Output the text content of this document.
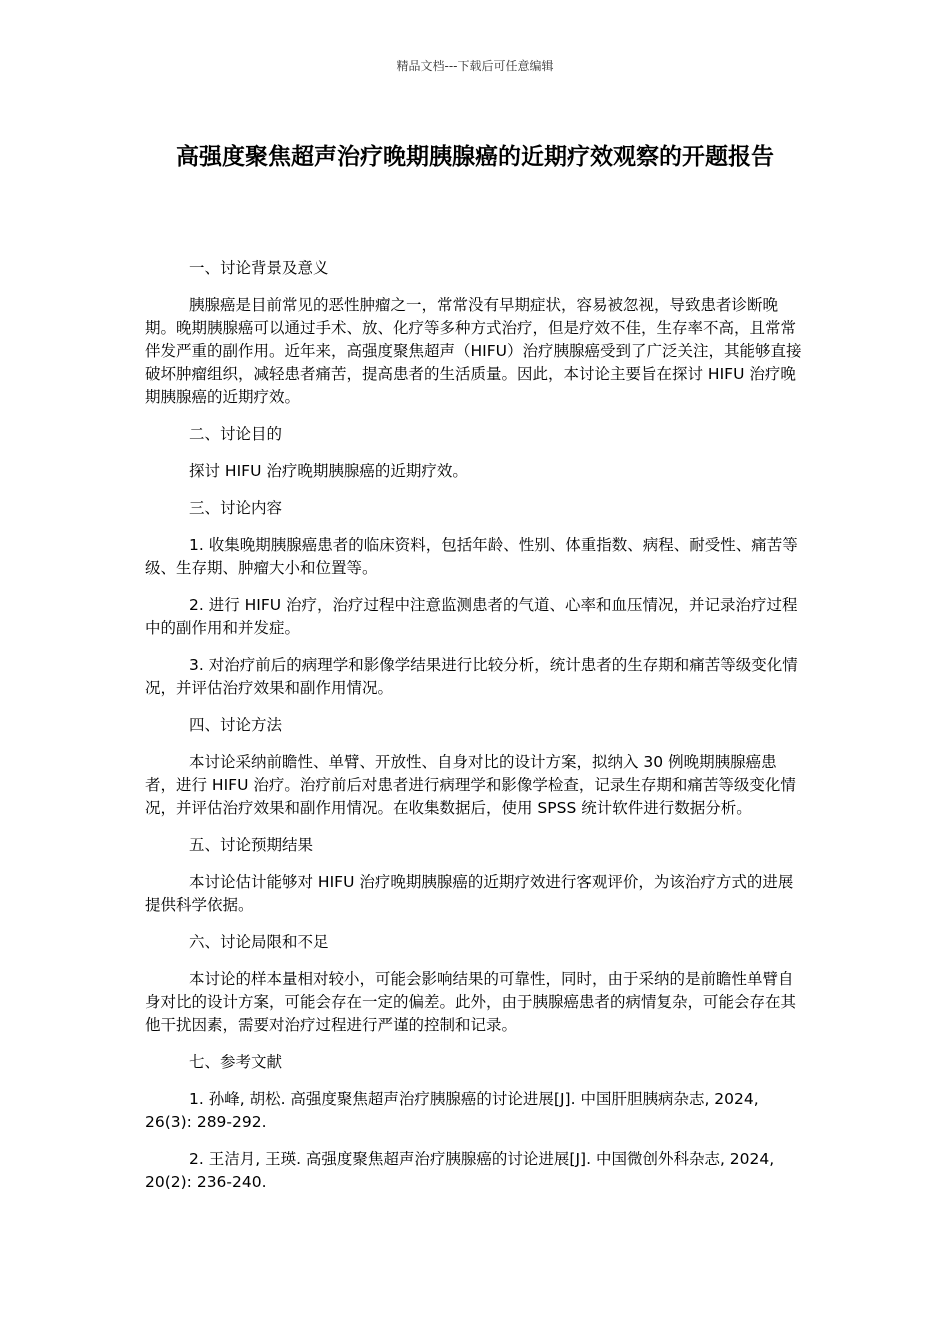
精品文档---下载后可任意编辑
高强度聚焦超声治疗晚期胰腺癌的近期疗效观察的开题报告

一、讨论背景及意义

胰腺癌是目前常见的恶性肿瘤之一，常常没有早期症状，容易被忽视，导致患者诊断晚期。晚期胰腺癌可以通过手术、放、化疗等多种方式治疗，但是疗效不佳，生存率不高，且常常伴发严重的副作用。近年来，高强度聚焦超声（HIFU）治疗胰腺癌受到了广泛关注，其能够直接破坏肿瘤组织，减轻患者痛苦，提高患者的生活质量。因此，本讨论主要旨在探讨 HIFU 治疗晚期胰腺癌的近期疗效。

二、讨论目的

探讨 HIFU 治疗晚期胰腺癌的近期疗效。

三、讨论内容

1. 收集晚期胰腺癌患者的临床资料，包括年龄、性别、体重指数、病程、耐受性、痛苦等级、生存期、肿瘤大小和位置等。

2. 进行 HIFU 治疗，治疗过程中注意监测患者的气道、心率和血压情况，并记录治疗过程中的副作用和并发症。

3. 对治疗前后的病理学和影像学结果进行比较分析，统计患者的生存期和痛苦等级变化情况，并评估治疗效果和副作用情况。

四、讨论方法

本讨论采纳前瞻性、单臂、开放性、自身对比的设计方案，拟纳入 30 例晚期胰腺癌患者，进行 HIFU 治疗。治疗前后对患者进行病理学和影像学检查，记录生存期和痛苦等级变化情况，并评估治疗效果和副作用情况。在收集数据后，使用 SPSS 统计软件进行数据分析。

五、讨论预期结果

本讨论估计能够对 HIFU 治疗晚期胰腺癌的近期疗效进行客观评价，为该治疗方式的进展提供科学依据。

六、讨论局限和不足

本讨论的样本量相对较小，可能会影响结果的可靠性，同时，由于采纳的是前瞻性单臂自身对比的设计方案，可能会存在一定的偏差。此外，由于胰腺癌患者的病情复杂，可能会存在其他干扰因素，需要对治疗过程进行严谨的控制和记录。

七、参考文献

1. 孙峰, 胡松. 高强度聚焦超声治疗胰腺癌的讨论进展[J]. 中国肝胆胰病杂志, 2024, 26(3): 289-292.

2. 王洁月, 王瑛. 高强度聚焦超声治疗胰腺癌的讨论进展[J]. 中国微创外科杂志, 2024, 20(2): 236-240.
